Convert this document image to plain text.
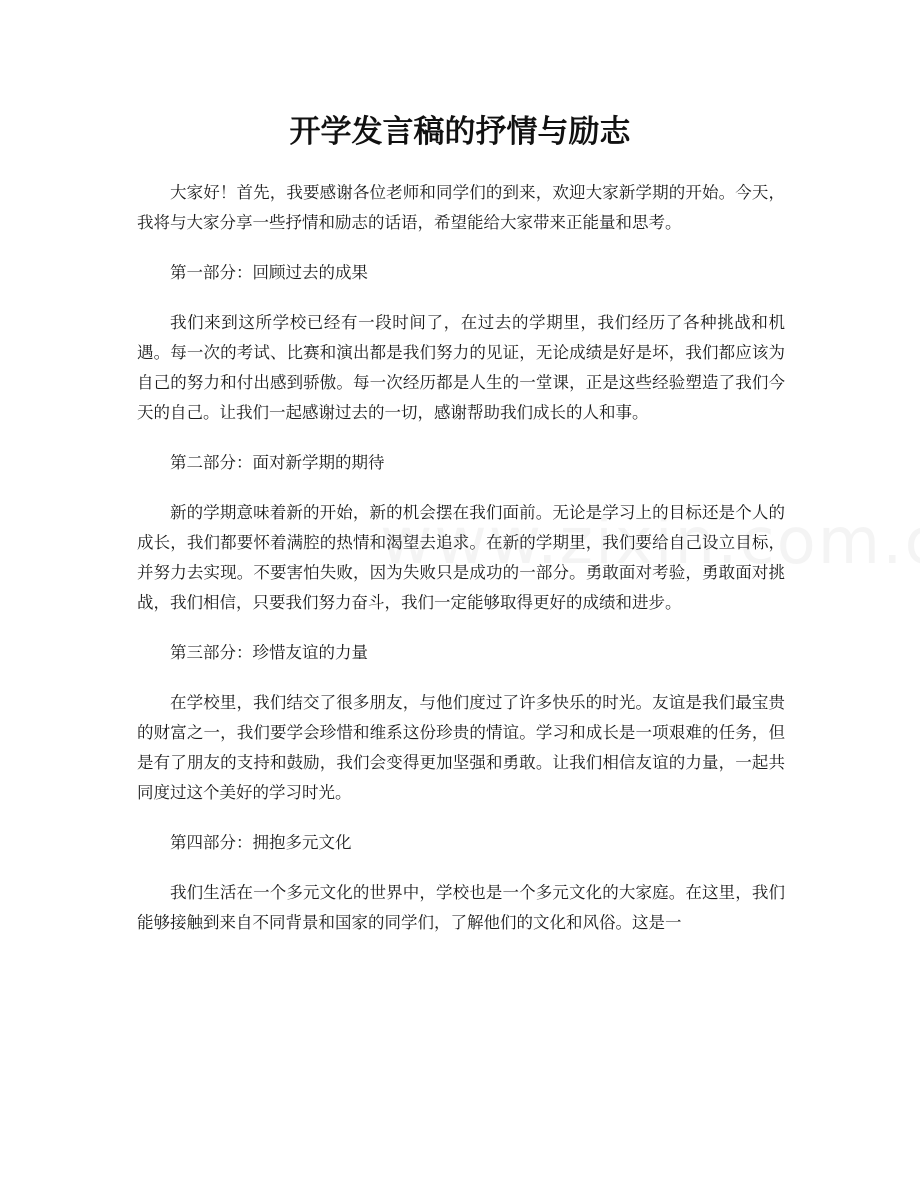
开学发言稿的抒情与励志

大家好！首先，我要感谢各位老师和同学们的到来，欢迎大家新学期的开始。今天，我将与大家分享一些抒情和励志的话语，希望能给大家带来正能量和思考。

第一部分：回顾过去的成果

我们来到这所学校已经有一段时间了，在过去的学期里，我们经历了各种挑战和机遇。每一次的考试、比赛和演出都是我们努力的见证，无论成绩是好是坏，我们都应该为自己的努力和付出感到骄傲。每一次经历都是人生的一堂课，正是这些经验塑造了我们今天的自己。让我们一起感谢过去的一切，感谢帮助我们成长的人和事。

第二部分：面对新学期的期待

新的学期意味着新的开始，新的机会摆在我们面前。无论是学习上的目标还是个人的成长，我们都要怀着满腔的热情和渴望去追求。在新的学期里，我们要给自己设立目标，并努力去实现。不要害怕失败，因为失败只是成功的一部分。勇敢面对考验，勇敢面对挑战，我们相信，只要我们努力奋斗，我们一定能够取得更好的成绩和进步。

第三部分：珍惜友谊的力量

在学校里，我们结交了很多朋友，与他们度过了许多快乐的时光。友谊是我们最宝贵的财富之一，我们要学会珍惜和维系这份珍贵的情谊。学习和成长是一项艰难的任务，但是有了朋友的支持和鼓励，我们会变得更加坚强和勇敢。让我们相信友谊的力量，一起共同度过这个美好的学习时光。

第四部分：拥抱多元文化

我们生活在一个多元文化的世界中，学校也是一个多元文化的大家庭。在这里，我们能够接触到来自不同背景和国家的同学们，了解他们的文化和风俗。这是一
